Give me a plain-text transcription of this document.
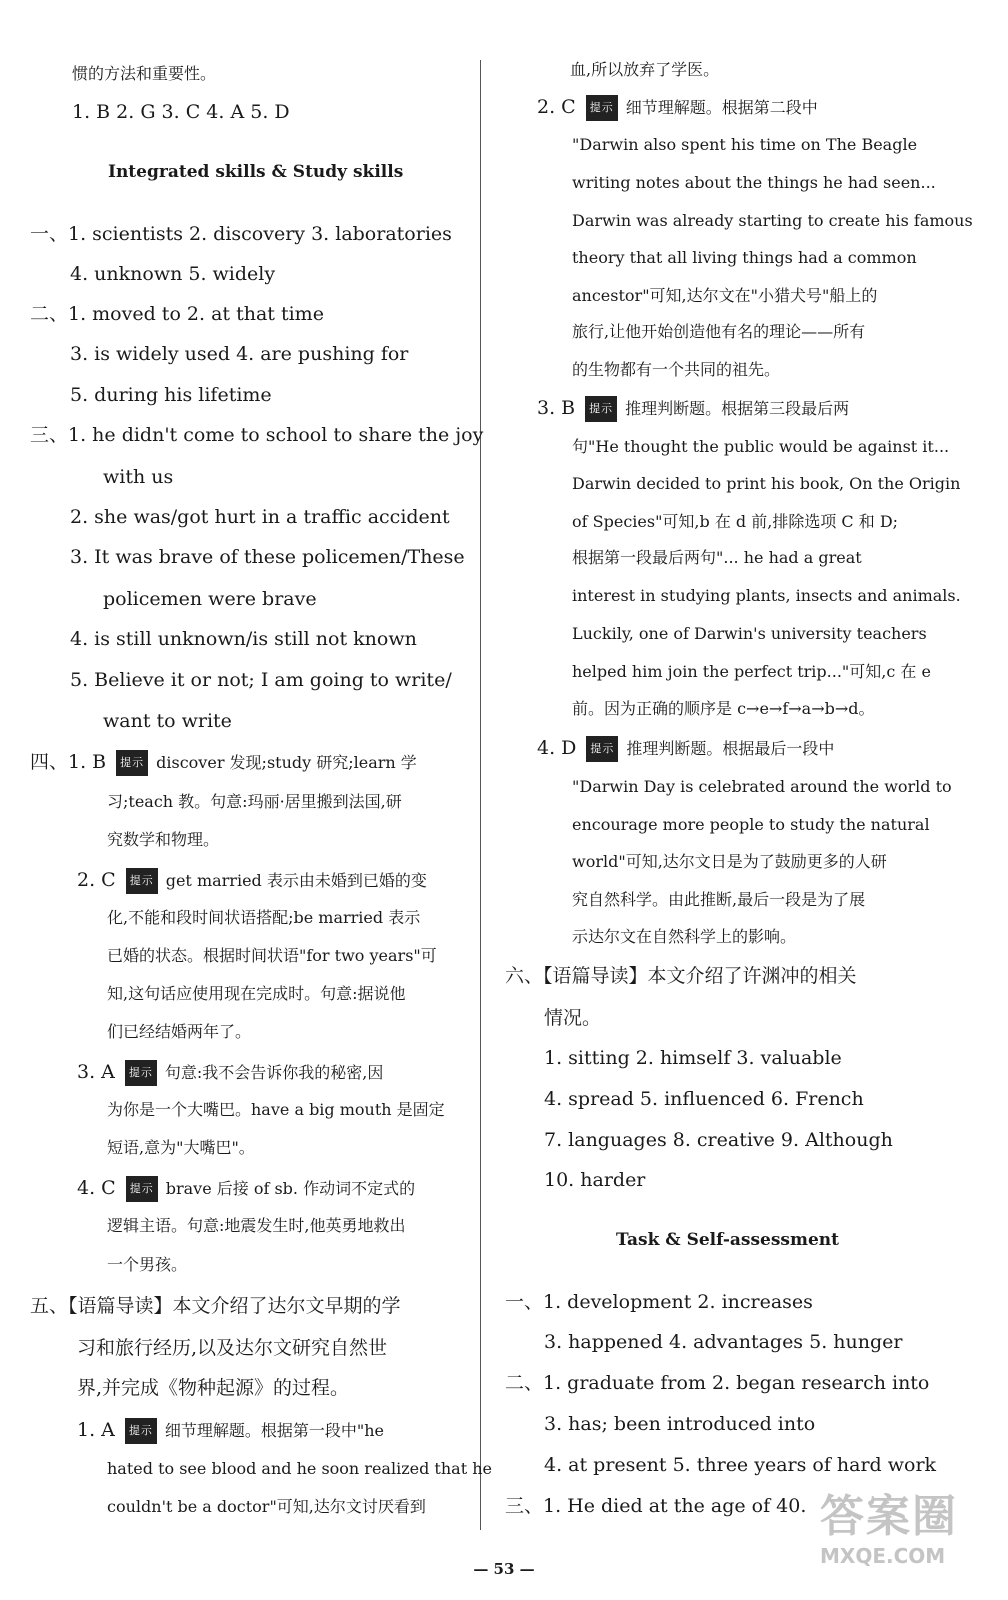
惯的方法和重要性。
1. B 2. G 3. C 4. A 5. D
Integrated skills & Study skills
一、1. scientists 2. discovery 3. laboratories
4. unknown 5. widely
二、1. moved to 2. at that time
3. is widely used 4. are pushing for
5. during his lifetime
三、1. he didn't come to school to share the joy
with us
2. she was/got hurt in a traffic accident
3. It was brave of these policemen/These
policemen were brave
4. is still unknown/is still not known
5. Believe it or not; I am going to write/
want to write
四、1. B 提示 discover 发现;study 研究;learn 学
习;teach 教。句意:玛丽·居里搬到法国,研
究数学和物理。
2. C 提示 get married 表示由未婚到已婚的变
化,不能和段时间状语搭配;be married 表示
已婚的状态。根据时间状语"for two years"可
知,这句话应使用现在完成时。句意:据说他
们已经结婚两年了。
3. A 提示 句意:我不会告诉你我的秘密,因
为你是一个大嘴巴。have a big mouth 是固定
短语,意为"大嘴巴"。
4. C 提示 brave 后接 of sb. 作动词不定式的
逻辑主语。句意:地震发生时,他英勇地救出
一个男孩。
五、【语篇导读】本文介绍了达尔文早期的学
习和旅行经历,以及达尔文研究自然世
界,并完成《物种起源》的过程。
1. A 提示 细节理解题。根据第一段中"he
hated to see blood and he soon realized that he
couldn't be a doctor"可知,达尔文讨厌看到
血,所以放弃了学医。
2. C 提示 细节理解题。根据第二段中
"Darwin also spent his time on The Beagle
writing notes about the things he had seen...
Darwin was already starting to create his famous
theory that all living things had a common
ancestor"可知,达尔文在"小猎犬号"船上的
旅行,让他开始创造他有名的理论——所有
的生物都有一个共同的祖先。
3. B 提示 推理判断题。根据第三段最后两
句"He thought the public would be against it...
Darwin decided to print his book, On the Origin
of Species"可知,b 在 d 前,排除选项 C 和 D;
根据第一段最后两句"... he had a great
interest in studying plants, insects and animals.
Luckily, one of Darwin's university teachers
helped him join the perfect trip..."可知,c 在 e
前。因为正确的顺序是 c→e→f→a→b→d。
4. D 提示 推理判断题。根据最后一段中
"Darwin Day is celebrated around the world to
encourage more people to study the natural
world"可知,达尔文日是为了鼓励更多的人研
究自然科学。由此推断,最后一段是为了展
示达尔文在自然科学上的影响。
六、【语篇导读】本文介绍了许渊冲的相关
情况。
1. sitting 2. himself 3. valuable
4. spread 5. influenced 6. French
7. languages 8. creative 9. Although
10. harder
Task & Self-assessment
一、1. development 2. increases
3. happened 4. advantages 5. hunger
二、1. graduate from 2. began research into
3. has; been introduced into
4. at present 5. three years of hard work
三、1. He died at the age of 40. 答案圈
MXQE.COM
— 53 —
